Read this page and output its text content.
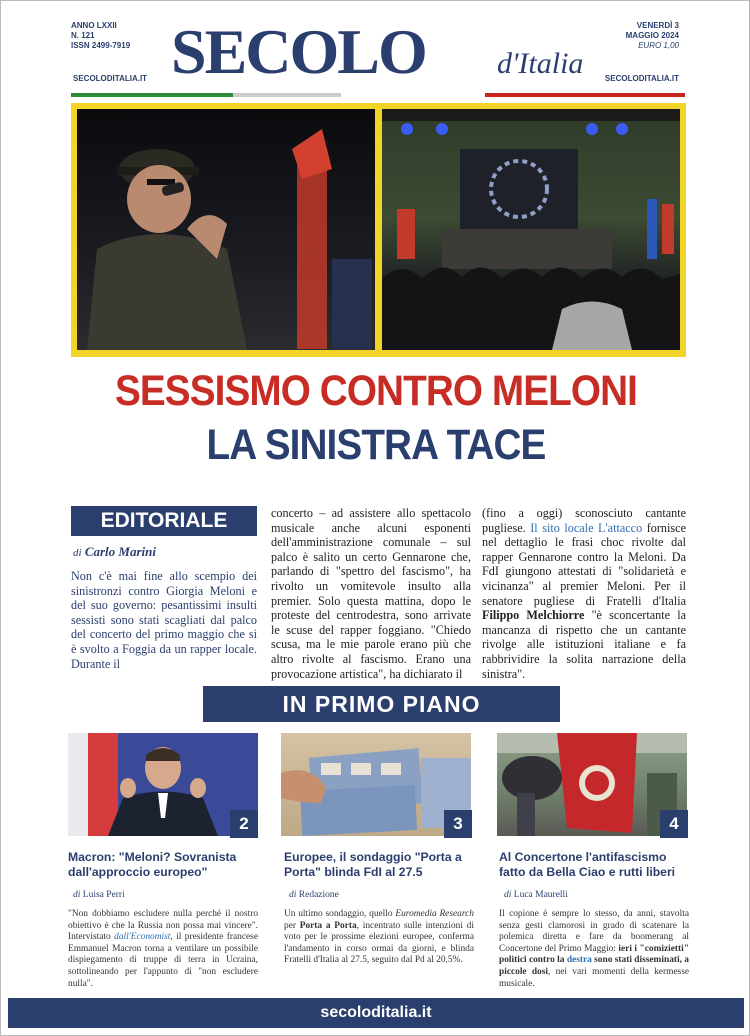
ANNO LXXII
N. 121
ISSN 2499-7919 SECOLO d'Italia
VENERDÌ 3
MAGGIO 2024
EURO 1,00
SECOLODITALIA.IT	SECOLODITALIA.IT
SESSISMO CONTRO MELONI
LA SINISTRA TACE
EDITORIALE
di Carlo Marini
Non c'è mai fine allo scempio dei sinistronzi contro Giorgia Meloni e del suo governo: pesantissimi insulti sessisti sono stati scagliati dal palco del concerto del primo maggio che si è svolto a Foggia da un rapper locale. Durante il
concerto – ad assistere allo spettacolo musicale anche alcuni esponenti dell'amministrazione comunale – sul palco è salito un certo Gennarone che, parlando di "spettro del fascismo", ha rivolto un vomitevole insulto alla premier. Solo questa mattina, dopo le proteste del centrodestra, sono arrivate le scuse del rapper foggiano. "Chiedo scusa, ma le mie parole erano più che altro rivolte al fascismo. Erano una provocazione artistica", ha dichiarato il
(fino a oggi) sconosciuto cantante pugliese. Il sito locale L'attacco fornisce nel dettaglio le frasi choc rivolte dal rapper Gennarone contro la Meloni. Da FdI giungono attestati di "solidarietà e vicinanza" al premier Meloni. Per il senatore pugliese di Fratelli d'Italia Filippo Melchiorre "è sconcertante la mancanza di rispetto che un cantante rivolge alle istituzioni italiane e fa rabbrividire la solita narrazione della sinistra".
IN PRIMO PIANO
2	3	4
Macron: "Meloni? Sovranista dall'approccio europeo"
Europee, il sondaggio "Porta a Porta" blinda FdI al 27.5
Al Concertone l'antifascismo fatto da Bella Ciao e rutti liberi
di Luisa Perri	di Redazione	di Luca Maurelli
"Non dobbiamo escludere nulla perché il nostro obiettivo è che la Russia non possa mai vincere". Intervistato dall'Economist, il presidente francese Emmanuel Macron torna a ventilare un possibile dispiegamento di truppe di terra in Ucraina, sottolineando per l'appunto di "non escludere nulla".
Un ultimo sondaggio, quello Euromedia Research per Porta a Porta, incentrato sulle intenzioni di voto per le prossime elezioni europee, conferma l'andamento in corso ormai da giorni, e blinda Fratelli d'Italia al 27.5, seguito dal Pd al 20,5%.
Il copione è sempre lo stesso, da anni, stavolta senza gesti clamorosi in grado di scatenare la polemica diretta e fare da boomerang al Concertone del Primo Maggio: ieri i "comizietti" politici contro la destra sono stati disseminati, a piccole dosi, nei vari momenti della kermesse musicale.
secoloditalia.it
